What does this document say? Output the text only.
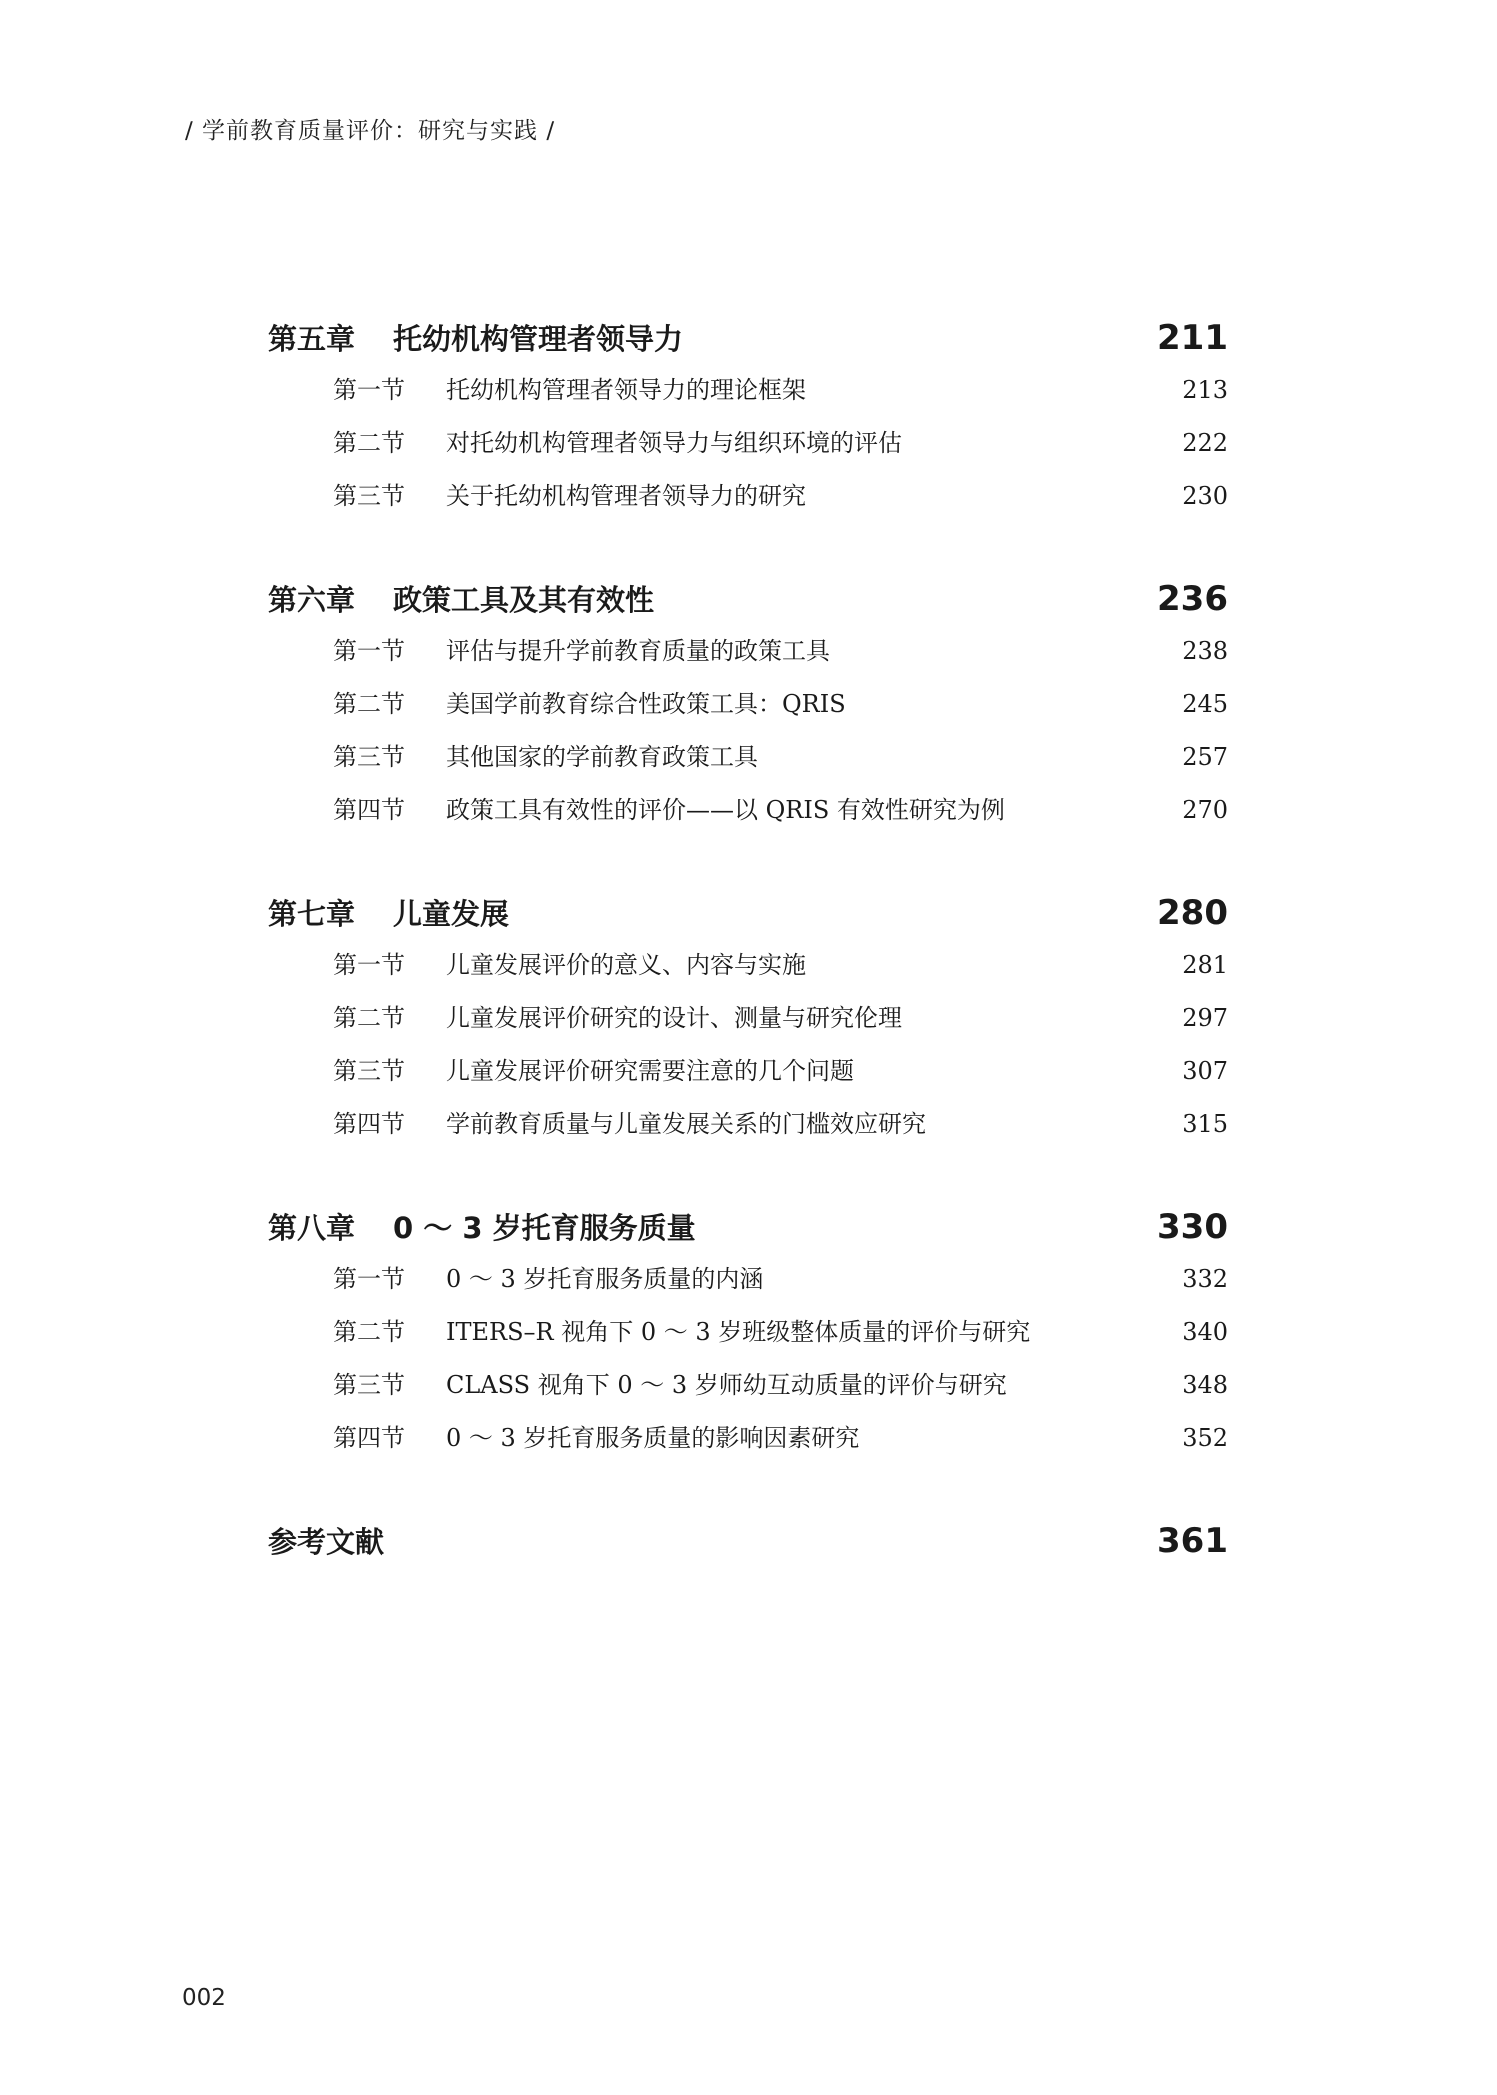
∕ 学前教育质量评价：研究与实践 ∕
第五章	托幼机构管理者领导力	211
第一节	托幼机构管理者领导力的理论框架	213
第二节	对托幼机构管理者领导力与组织环境的评估	222
第三节	关于托幼机构管理者领导力的研究	230
第六章	政策工具及其有效性	236
第一节	评估与提升学前教育质量的政策工具	238
第二节	美国学前教育综合性政策工具：QRIS	245
第三节	其他国家的学前教育政策工具	257
第四节	政策工具有效性的评价——以 QRIS 有效性研究为例	270
第七章	儿童发展	280
第一节	儿童发展评价的意义、内容与实施	281
第二节	儿童发展评价研究的设计、测量与研究伦理	297
第三节	儿童发展评价研究需要注意的几个问题	307
第四节	学前教育质量与儿童发展关系的门槛效应研究	315
第八章	0 ～ 3 岁托育服务质量	330
第一节	0 ～ 3 岁托育服务质量的内涵	332
第二节	ITERS–R 视角下 0 ～ 3 岁班级整体质量的评价与研究	340
第三节	CLASS 视角下 0 ～ 3 岁师幼互动质量的评价与研究	348
第四节	0 ～ 3 岁托育服务质量的影响因素研究	352
参考文献	361
002
